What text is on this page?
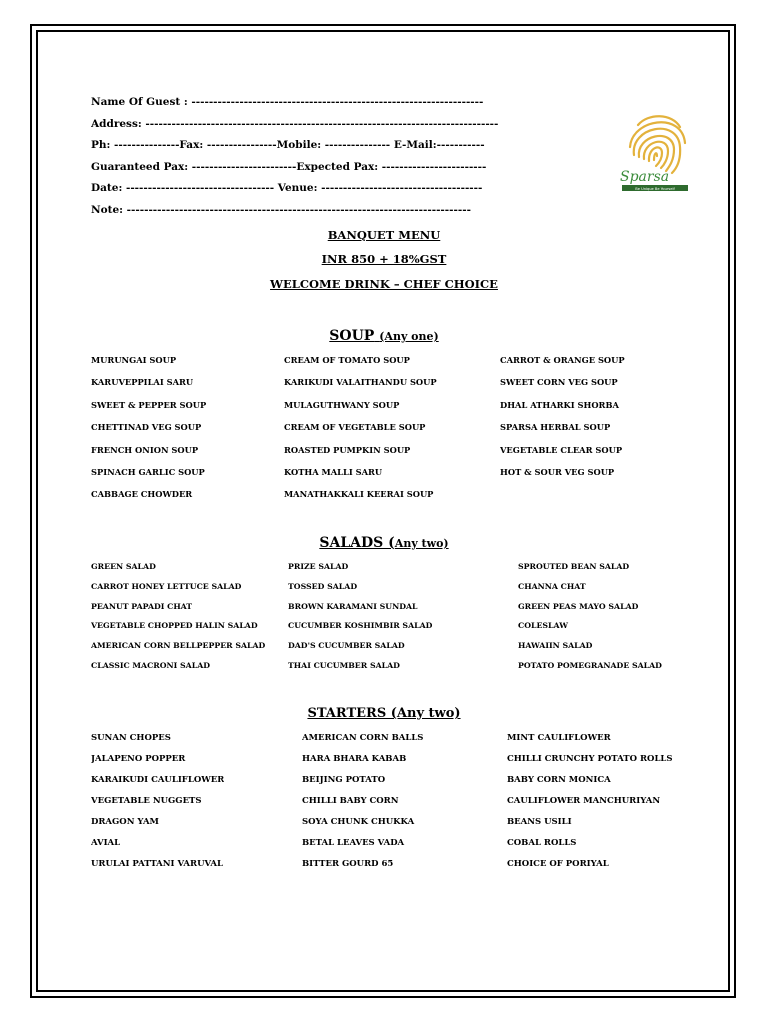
Name Of Guest : -------------------------------------------------------------------
Address: ---------------------------------------------------------------------------------
Ph: ---------------Fax: ----------------Mobile: --------------- E-Mail:-----------
Guaranteed Pax: ------------------------Expected Pax: ------------------------
Date: ---------------------------------- Venue: -------------------------------------
Note: -------------------------------------------------------------------------------
Sparsa
Be Unique Be Yourself
BANQUET MENU
INR 850 + 18%GST
WELCOME DRINK – CHEF CHOICE
SOUP (Any one)
MURUNGAI SOUP
KARUVEPPILAI SARU
SWEET & PEPPER SOUP
CHETTINAD VEG SOUP
FRENCH ONION SOUP
SPINACH GARLIC SOUP
CABBAGE CHOWDER
CREAM OF TOMATO SOUP
KARIKUDI VALAITHANDU SOUP
MULAGUTHWANY SOUP
CREAM OF VEGETABLE SOUP
ROASTED PUMPKIN SOUP
KOTHA MALLI SARU
MANATHAKKALI KEERAI SOUP
CARROT & ORANGE SOUP
SWEET CORN VEG SOUP
DHAL ATHARKI SHORBA
SPARSA HERBAL SOUP
VEGETABLE CLEAR SOUP
HOT & SOUR VEG SOUP
SALADS (Any two)
GREEN SALAD
CARROT HONEY LETTUCE SALAD
PEANUT PAPADI CHAT
VEGETABLE CHOPPED HALIN SALAD
AMERICAN CORN BELLPEPPER SALAD
CLASSIC MACRONI SALAD
PRIZE SALAD
TOSSED SALAD
BROWN KARAMANI SUNDAL
CUCUMBER KOSHIMBIR SALAD
DAD'S CUCUMBER SALAD
THAI CUCUMBER SALAD
SPROUTED BEAN SALAD
CHANNA CHAT
GREEN PEAS MAYO SALAD
COLESLAW
HAWAIIN SALAD
POTATO POMEGRANADE SALAD
STARTERS (Any two)
SUNAN CHOPES
JALAPENO POPPER
KARAIKUDI CAULIFLOWER
VEGETABLE NUGGETS
DRAGON YAM
AVIAL
URULAI PATTANI VARUVAL
AMERICAN CORN BALLS
HARA BHARA KABAB
BEIJING POTATO
CHILLI BABY CORN
SOYA CHUNK CHUKKA
BETAL LEAVES VADA
BITTER GOURD 65
MINT CAULIFLOWER
CHILLI CRUNCHY POTATO ROLLS
BABY CORN MONICA
CAULIFLOWER MANCHURIYAN
BEANS USILI
COBAL ROLLS
CHOICE OF PORIYAL
